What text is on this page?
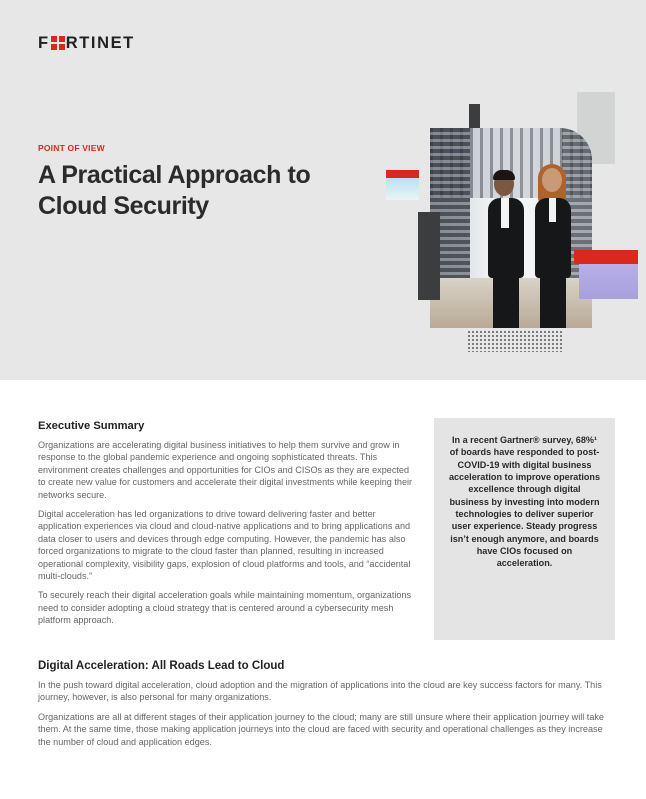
F RTINET
POINT OF VIEW
A Practical Approach to Cloud Security
Executive Summary

Organizations are accelerating digital business initiatives to help them survive and grow in response to the global pandemic experience and ongoing sophisticated threats. This environment creates challenges and opportunities for CIOs and CISOs as they are expected to create new value for customers and accelerate their digital investments while keeping their networks secure.

Digital acceleration has led organizations to drive toward delivering faster and better application experiences via cloud and cloud-native applications and to bring applications and data closer to users and devices through edge computing. However, the pandemic has also forced organizations to migrate to the cloud faster than planned, resulting in increased operational complexity, visibility gaps, explosion of cloud platforms and tools, and “accidental multi-clouds.”

To securely reach their digital acceleration goals while maintaining momentum, organizations need to consider adopting a cloud strategy that is centered around a cybersecurity mesh platform approach.

In a recent Gartner® survey, 68%¹ of boards have responded to post-COVID-19 with digital business acceleration to improve operations excellence through digital business by investing into modern technologies to deliver superior user experience. Steady progress isn’t enough anymore, and boards have CIOs focused on acceleration.

Digital Acceleration: All Roads Lead to Cloud

In the push toward digital acceleration, cloud adoption and the migration of applications into the cloud are key success factors for many. This journey, however, is also personal for many organizations.

Organizations are all at different stages of their application journey to the cloud; many are still unsure where their application journey will take them. At the same time, those making application journeys into the cloud are faced with security and operational challenges as they increase the number of cloud and application edges.
